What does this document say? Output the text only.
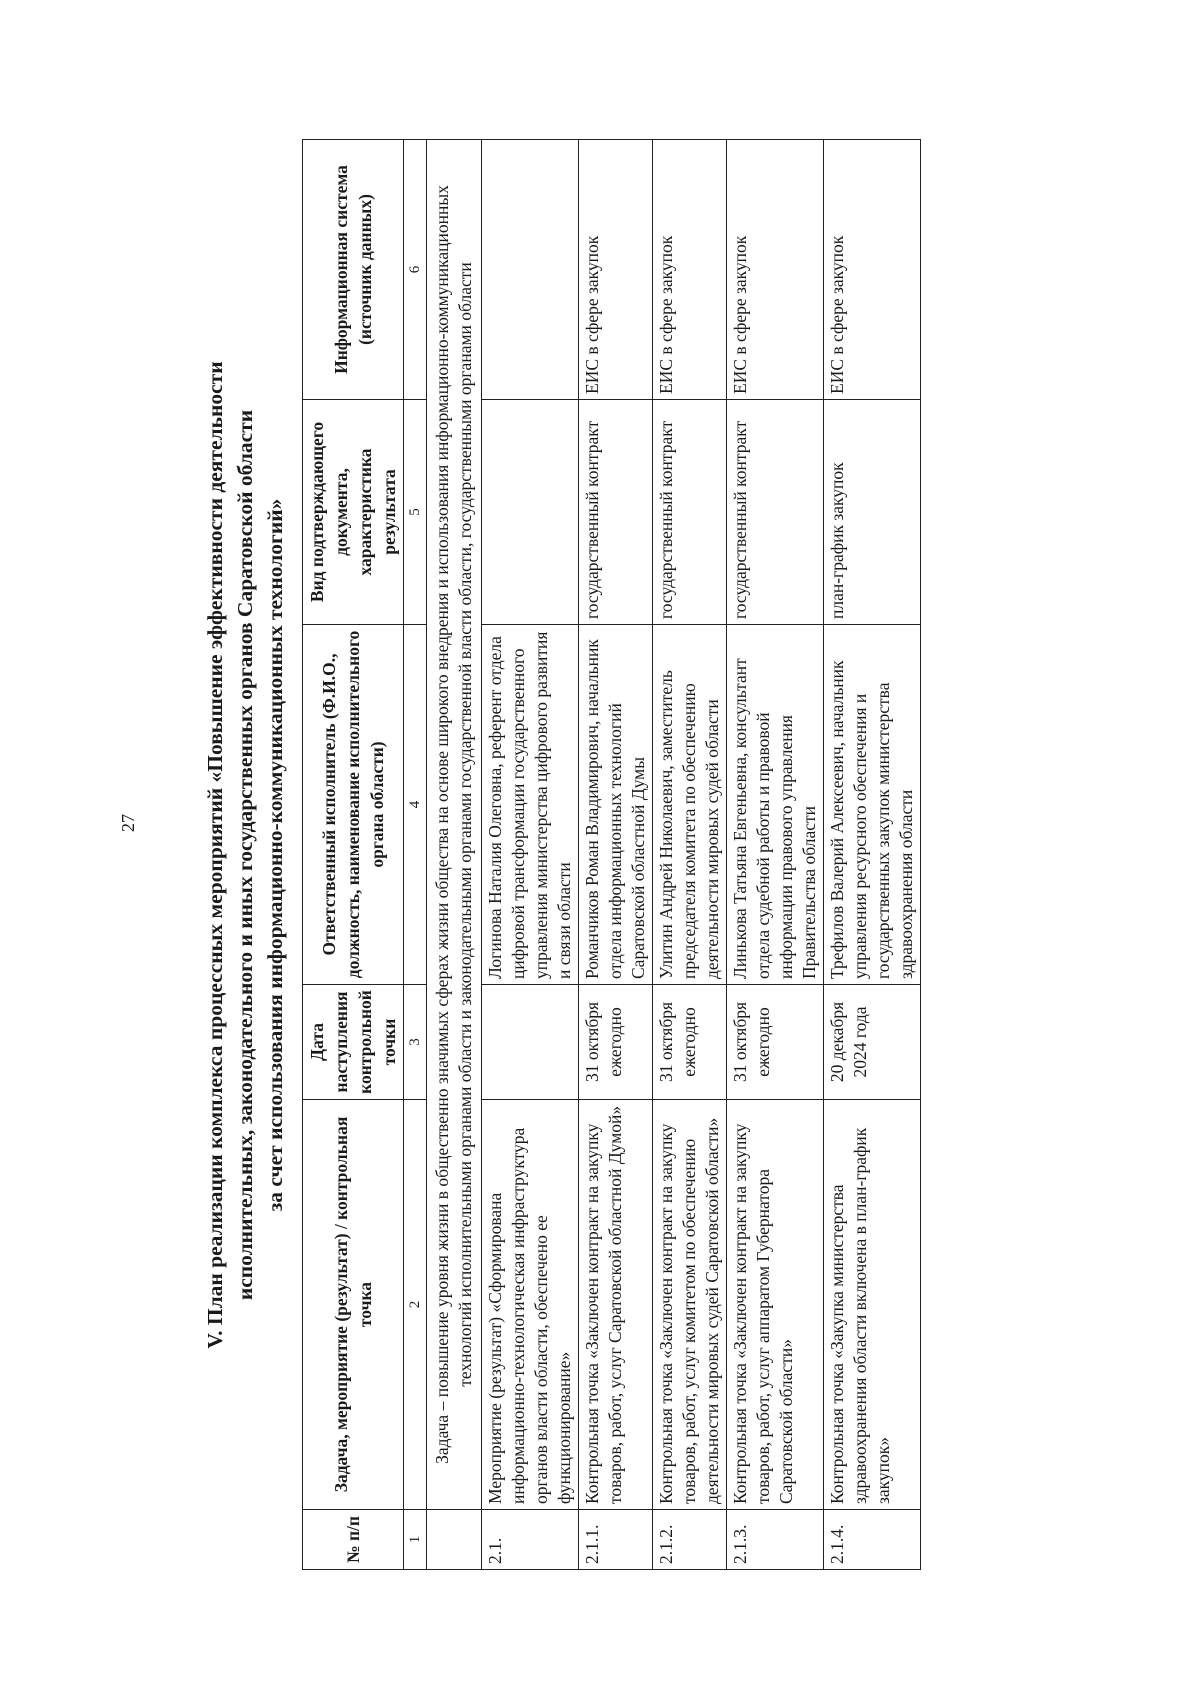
27	V. План реализации комплекса процессных мероприятий «Повышение эффективности деятельности исполнительных, законодательного и иных государственных органов Саратовской области за счет использования информационно-коммуникационных технологий»
№ п/п	Задача, мероприятие (результат) / контрольная точка	Дата наступления контрольной точки	Ответственный исполнитель (Ф.И.О., должность, наименование исполнительного органа области)	Вид подтверждающего документа, характеристика результата	Информационная система (источник данных)
1	2	3	4	5	6
	Задача – повышение уровня жизни в общественно значимых сферах жизни общества на основе широкого внедрения и использования информационно-коммуникационных технологий исполнительными органами области и законодательными органами государственной власти области, государственными органами области				
2.1.	Мероприятие (результат) «Сформирована информационно-технологическая инфраструктура органов власти области, обеспечено ее функционирование»		Логинова Наталия Олеговна, референт отдела цифровой трансформации государственного управления министерства цифрового развития и связи области		
2.1.1.	Контрольная точка «Заключен контракт на закупку товаров, работ, услуг Саратовской областной Думой»	31 октября ежегодно	Романчиков Роман Владимирович, начальник отдела информационных технологий Саратовской областной Думы	государственный контракт	ЕИС в сфере закупок
2.1.2.	Контрольная точка «Заключен контракт на закупку товаров, работ, услуг комитетом по обеспечению деятельности мировых судей Саратовской области»	31 октября ежегодно	Улитин Андрей Николаевич, заместитель председателя комитета по обеспечению деятельности мировых судей области	государственный контракт	ЕИС в сфере закупок
2.1.3.	Контрольная точка «Заключен контракт на закупку товаров, работ, услуг аппаратом Губернатора Саратовской области»	31 октября ежегодно	Линькова Татьяна Евгеньевна, консультант отдела судебной работы и правовой информации правового управления Правительства области	государственный контракт	ЕИС в сфере закупок
2.1.4.	Контрольная точка «Закупка министерства здравоохранения области включена в план-график закупок»	20 декабря 2024 года	Трефилов Валерий Алексеевич, начальник управления ресурсного обеспечения и государственных закупок министерства здравоохранения области	план-график закупок	ЕИС в сфере закупок
